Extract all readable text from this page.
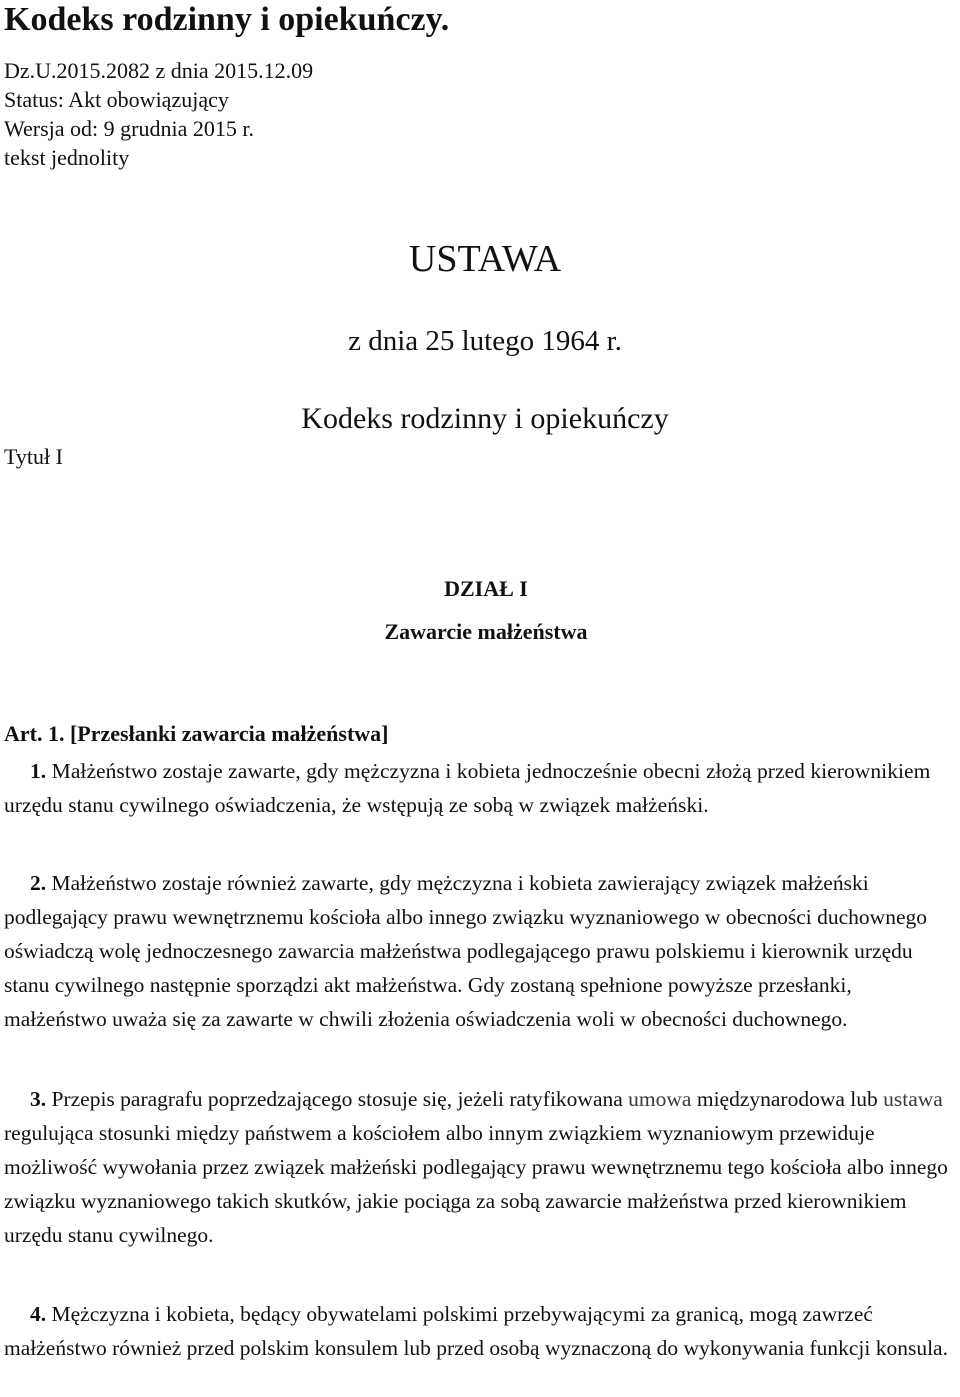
Kodeks rodzinny i opiekuńczy.
Dz.U.2015.2082 z dnia 2015.12.09
Status: Akt obowiązujący
Wersja od: 9 grudnia 2015 r.
tekst jednolity
USTAWA
z dnia 25 lutego 1964 r.
Kodeks rodzinny i opiekuńczy
Tytuł I
DZIAŁ I
Zawarcie małżeństwa
Art. 1. [Przesłanki zawarcia małżeństwa]

1. Małżeństwo zostaje zawarte, gdy mężczyzna i kobieta jednocześnie obecni złożą przed kierownikiem urzędu stanu cywilnego oświadczenia, że wstępują ze sobą w związek małżeński.

2. Małżeństwo zostaje również zawarte, gdy mężczyzna i kobieta zawierający związek małżeński podlegający prawu wewnętrznemu kościoła albo innego związku wyznaniowego w obecności duchownego oświadczą wolę jednoczesnego zawarcia małżeństwa podlegającego prawu polskiemu i kierownik urzędu stanu cywilnego następnie sporządzi akt małżeństwa. Gdy zostaną spełnione powyższe przesłanki, małżeństwo uważa się za zawarte w chwili złożenia oświadczenia woli w obecności duchownego.

3. Przepis paragrafu poprzedzającego stosuje się, jeżeli ratyfikowana umowa międzynarodowa lub ustawa regulująca stosunki między państwem a kościołem albo innym związkiem wyznaniowym przewiduje możliwość wywołania przez związek małżeński podlegający prawu wewnętrznemu tego kościoła albo innego związku wyznaniowego takich skutków, jakie pociąga za sobą zawarcie małżeństwa przed kierownikiem urzędu stanu cywilnego.

4. Mężczyzna i kobieta, będący obywatelami polskimi przebywającymi za granicą, mogą zawrzeć małżeństwo również przed polskim konsulem lub przed osobą wyznaczoną do wykonywania funkcji konsula.
